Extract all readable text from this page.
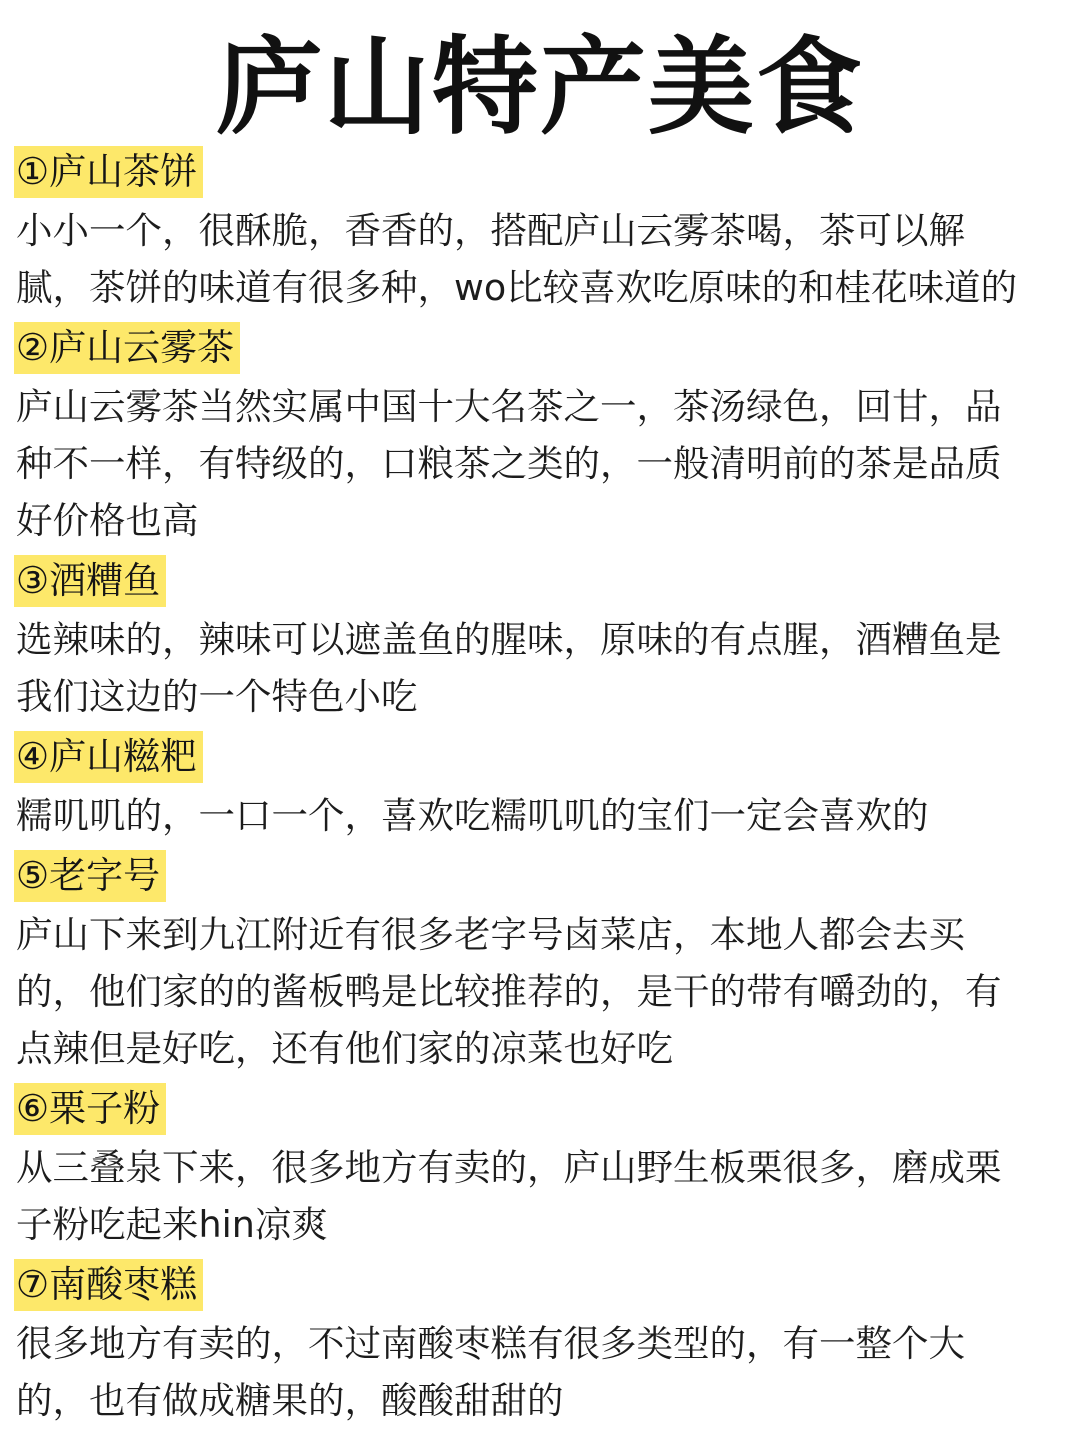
庐山特产美食
①庐山茶饼
小小一个，很酥脆，香香的，搭配庐山云雾茶喝，茶可以解
腻，茶饼的味道有很多种，wo比较喜欢吃原味的和桂花味道的
②庐山云雾茶
庐山云雾茶当然实属中国十大名茶之一，茶汤绿色，回甘，品
种不一样，有特级的，口粮茶之类的，一般清明前的茶是品质
好价格也高
③酒糟鱼
选辣味的，辣味可以遮盖鱼的腥味，原味的有点腥，酒糟鱼是
我们这边的一个特色小吃
④庐山糍粑
糯叽叽的，一口一个，喜欢吃糯叽叽的宝们一定会喜欢的
⑤老字号
庐山下来到九江附近有很多老字号卤菜店，本地人都会去买
的，他们家的的酱板鸭是比较推荐的，是干的带有嚼劲的，有
点辣但是好吃，还有他们家的凉菜也好吃
⑥栗子粉
从三叠泉下来，很多地方有卖的，庐山野生板栗很多，磨成栗
子粉吃起来hin凉爽
⑦南酸枣糕
很多地方有卖的，不过南酸枣糕有很多类型的，有一整个大
的，也有做成糖果的，酸酸甜甜的
